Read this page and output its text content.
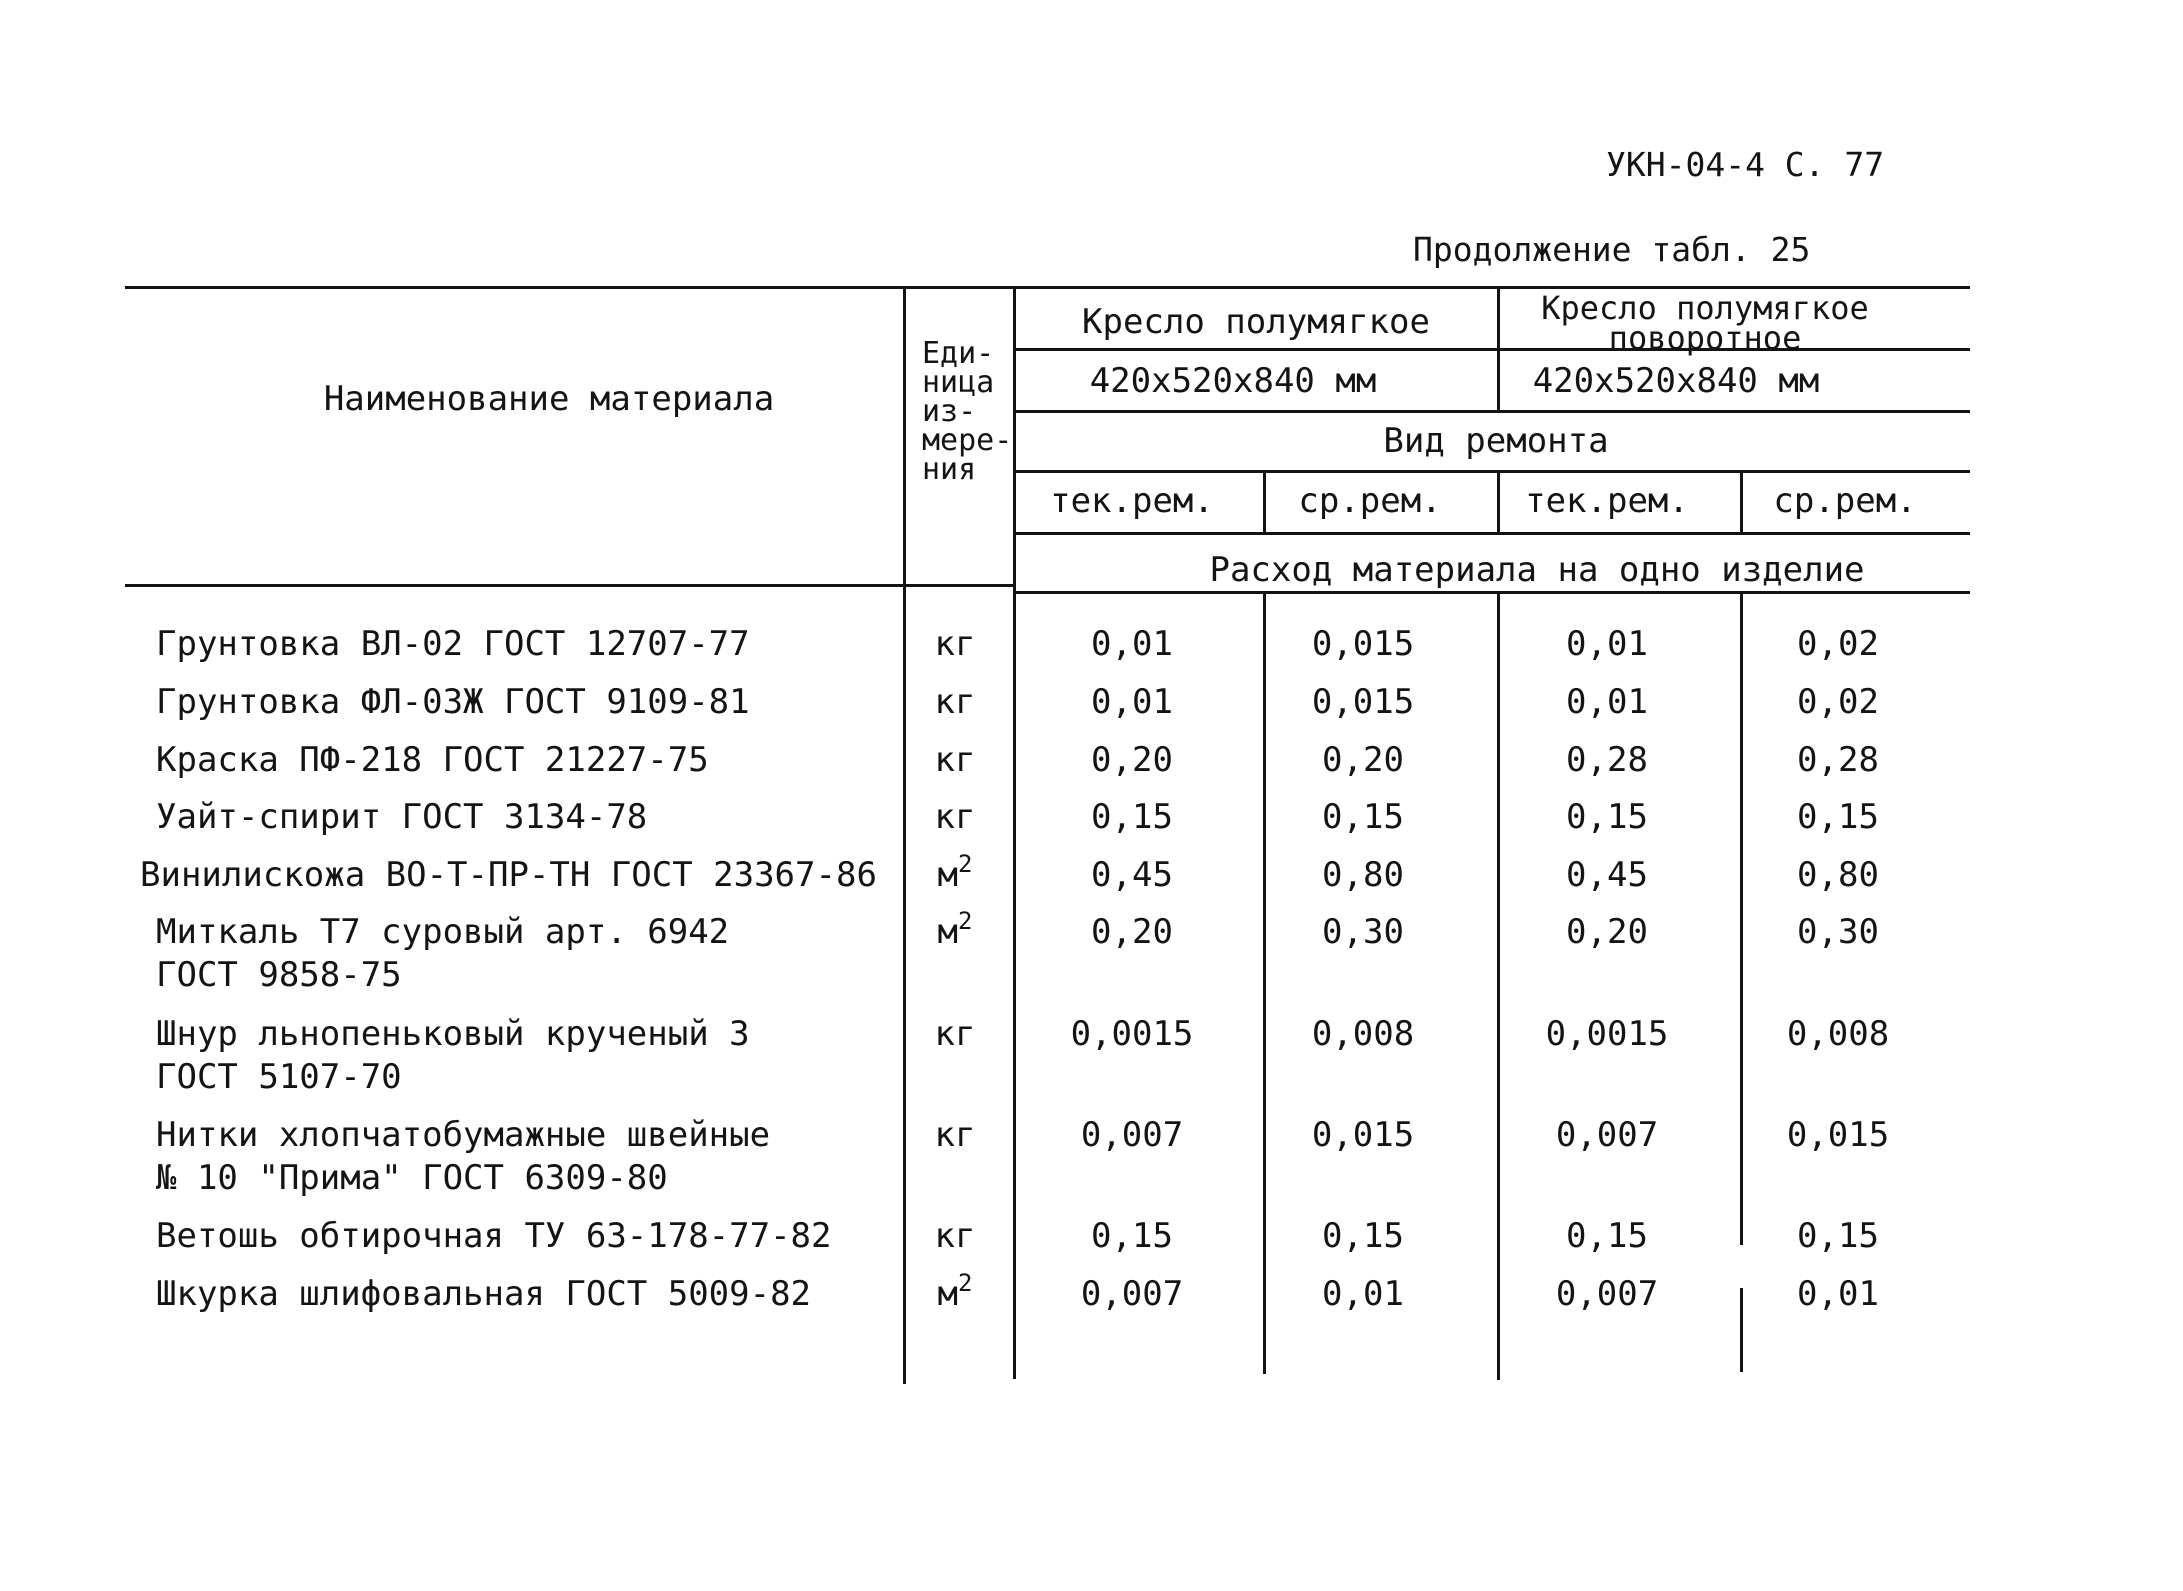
УКН-04-4 С. 77
Продолжение табл. 25
Наименование материала
Еди-
ница
из-
мере-
ния
Кресло полумягкое
420x520x840 мм
Кресло полумягкое
поворотное
420x520x840 мм
Вид ремонта
тек.рем. ср.рем. тек.рем. ср.рем.
Расход материала на одно изделие
Грунтовка ВЛ-02 ГОСТ 12707-77	кг	0,01	0,015	0,01	0,02
Грунтовка ФЛ-03Ж ГОСТ 9109-81	кг	0,01	0,015	0,01	0,02
Краска ПФ-218 ГОСТ 21227-75	кг	0,20	0,20	0,28	0,28
Уайт-спирит ГОСТ 3134-78	кг	0,15	0,15	0,15	0,15
Винилискожа ВО-Т-ПР-ТН ГОСТ 23367-86 $м^2$	0,45	0,80	0,45	0,80
Миткаль Т7 суровый арт. 6942
ГОСТ 9858-75
$м^2$	0,20	0,30	0,20	0,30
Шнур льнопеньковый крученый 3
ГОСТ 5107-70
кг	0,0015	0,008	0,0015	0,008
Нитки хлопчатобумажные швейные
№ 10 "Прима" ГОСТ 6309-80
кг	0,007	0,015	0,007	0,015
Ветошь обтирочная ТУ 63-178-77-82	кг	0,15	0,15	0,15	0,15
Шкурка шлифовальная ГОСТ 5009-82	$м^2$	0,007	0,01	0,007	0,01
